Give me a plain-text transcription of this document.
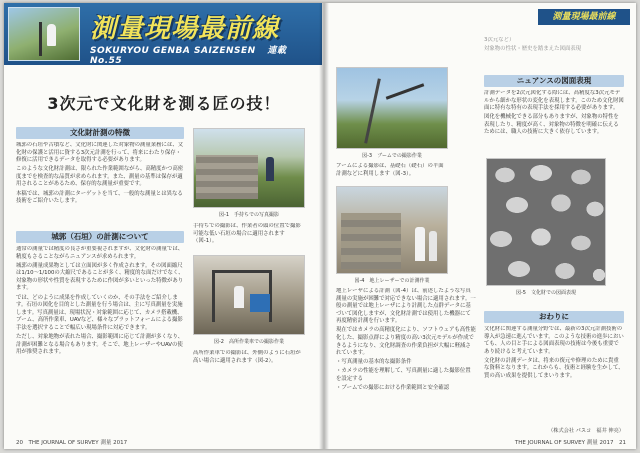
測量現場最前線
SOKURYOU GENBA SAIZENSEN 連載 No.55
3次元で文化財を測る匠の技！
文化財計測の特徴

城郭の石垣や古墳など、文化財に関連した対象物の測量業務には、文化財の保護と活用に資する3次元計測を行って、将来にわたり保存・修復に活用できるデータを取得する必要があります。

このような文化財計測は、限られた作業範囲ながら、高精度かつ高密度までを検査的な品質が求められます。また、測量の基準は保存が適用されることがあるため、保存的な測量が重要です。

本稿では、城郭の計測にターゲットを当て、一般的な測量とは異なる技術をご紹介いたします。

城郭（石垣）の計測について

通常の測量では精度の良さが重要視されますが、文化財の測量では、精度もさることながらニュアンスが求められます。

城郭の測量成果物としては立面図が多く作成されます。その図面縮尺は1/10〜1/100の大縮尺であることが多く、精度的な面だけでなく、対象物の形状や性質を表現するために作図が多いといった特徴があります。

では、どのように成果を作成していくのか、その手法をご紹介します。石垣の図化を目的とした測量を行う場合は、主に写真測量を実施します。写真測量は、現場状況・対象範囲に応じて、カメラ搭載機、ブーム、高所作業車、UAVなど、様々なプラットフォームによる撮影手法を選択することで幅広い現場条件に対応できます。

ただし、対象地物が表れた場合、撮影範囲に応じて計測が多くなり、計測が困難となる場合もあります。そこで、地上レーザーやUAVの使用が推奨されます。

図-1　手持ちでの写真撮影

手持ちでの撮影は、作業者の頭の位置で撮影可能な低い石垣の場合に適用されます（図-1）。

図-2　高所作業車での撮影作業

高所作業車での撮影は、外側のように石垣が高い場合に適用されます（図-2）。

20　THE JOURNAL OF SURVEY 測量 2017
測量現場最前線
図-3　ブームでの撮影作業

ブームによる撮影は、基礎石（礎石）の平面計測などに利用します（図-3）。

図-4　地上レーザーでの計測作業

地上レーザによる計測（図-4）は、前述したような写真測量の実施が困難で対応できない場合に適用されます。一般の測量では地上レーザにより計測した点群データに基づいて図化しますが、文化財計測では使用した機器にて再度精密計測を行います。

現在ではカメラの高精度化により、ソフトウェアも高性能化した、撮影点群により精度の高い3次元モデルが作成できるようになり、文化財調査の作業負担が大幅に軽減されています。

・写真測量の基本的な撮影条件

・カメラの性能を理解して、写真測量に適した撮影位置を設定する

・ブームでの撮影における作業範囲と安全確認

3次元など）

対象物の性状・歴史を踏まえた図面表現

ニュアンスの図面表現

計測データを2次元図化する際には、高精度な3次元モデルから細かな形状の変化を表現します。このため文化財図面に特有な特有の表現手法を採用する必要があります。

図化を機械化できる部分もありますが、対象物の特性を表現したり、精度が高く、対象物の特徴を明確に伝えるためには、職人の技術に大きく依存しています。

図-5　文化財での図面表現
おわりに

文化財に関連する測量分野では、最新の3次元計測技術の導入が急速に進んでいます。このような技術の進歩においても、人の目と手による図面表現の技術は今後も重要であり続けると考えています。

文化財の計測データは、将来の復元や修理のために貴重な資料となります。これからも、技術と経験を生かして、質の高い成果を提供してまいります。

（株式会社 パスコ　福井 伸亮）
THE JOURNAL OF SURVEY 測量 2017　21
